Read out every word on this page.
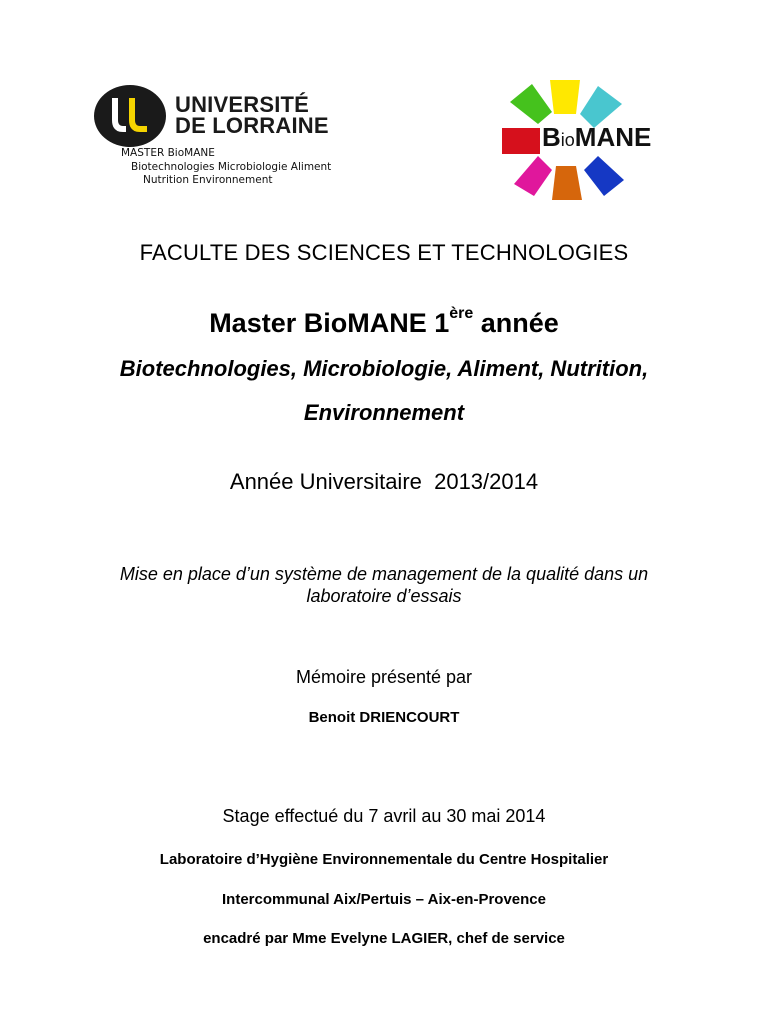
UNIVERSITÉ
DE LORRAINE
MASTER BioMANE
Biotechnologies Microbiologie Aliment
Nutrition Environnement
BioMANE
FACULTE DES SCIENCES ET TECHNOLOGIES
Master BioMANE 1ère année
Biotechnologies, Microbiologie, Aliment, Nutrition,
Environnement
Année Universitaire  2013/2014
Mise en place d’un système de management de la qualité dans un
laboratoire d’essais
Mémoire présenté par
Benoit DRIENCOURT
Stage effectué du 7 avril au 30 mai 2014
Laboratoire d’Hygiène Environnementale du Centre Hospitalier
Intercommunal Aix/Pertuis – Aix-en-Provence
encadré par Mme Evelyne LAGIER, chef de service
